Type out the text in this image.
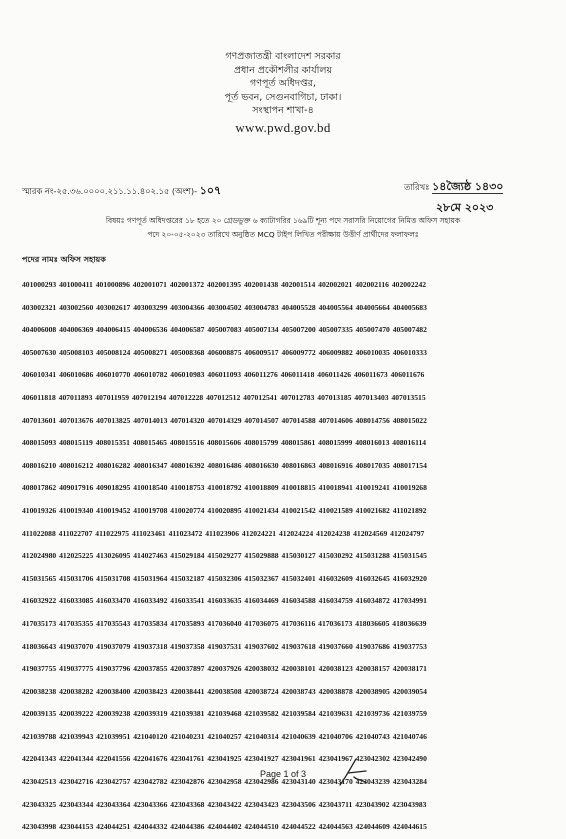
গণপ্রজাতন্ত্রী বাংলাদেশ সরকার
প্রধান প্রকৌশলীর কার্যালয়
গণপূর্ত অধিদপ্তর,
পূর্ত ভবন, সেগুনবাগিচা, ঢাকা।
সংস্থাপন শাখা-৪
www.pwd.gov.bd
স্মারক নং-২৫.৩৬.০০০০.২১১.১১.৪০২.১৫ (অংশ)- ১০৭	তারিখঃ ১৪জ্যৈষ্ঠ ১৪৩০
২৮মে ২০২৩
বিষয়ঃ গণপূর্ত অধিদপ্তরের ১৮ হতে ২০ গ্রেডভুক্ত ৬ ক্যাটাগরির ১৬৯টি শূন্য পদে সরাসরি নিয়োগের নিমিত্ত অফিস সহায়ক
পদে ২০-০৫-২০২৩ তারিখে অনুষ্ঠিত MCQ টাইপ লিখিত পরীক্ষায় উত্তীর্ণ প্রার্থীদের ফলাফলঃ
পদের নামঃ অফিস সহায়ক
401000293 401000411 401000896 402001071 402001372 402001395 402001438 402001514 402002021 402002116 402002242
403002321 403002560 403002617 403003299 403004366 403004502 403004783 404005528 404005564 404005664 404005683
404006008 404006369 404006415 404006536 404006587 405007083 405007134 405007200 405007335 405007470 405007482
405007630 405008103 405008124 405008271 405008368 406008875 406009517 406009772 406009882 406010035 406010333
406010341 406010686 406010770 406010782 406010983 406011093 406011276 406011418 406011426 406011673 406011676
406011818 407011893 407011959 407012194 407012228 407012512 407012541 407012783 407013185 407013403 407013515
407013601 407013676 407013825 407014013 407014320 407014329 407014507 407014588 407014606 408014756 408015022
408015093 408015119 408015351 408015465 408015516 408015606 408015799 408015861 408015999 408016013 408016114
408016210 408016212 408016282 408016347 408016392 408016486 408016630 408016863 408016916 408017035 408017154
408017862 409017916 409018295 410018540 410018753 410018792 410018809 410018815 410018941 410019241 410019268
410019326 410019340 410019452 410019708 410020774 410020895 410021434 410021542 410021589 410021682 411021892
411022088 411022707 411022975 411023461 411023472 411023906 412024221 412024224 412024238 412024569 412024797
412024980 412025225 413026095 414027463 415029184 415029277 415029888 415030127 415030292 415031288 415031545
415031565 415031706 415031708 415031964 415032187 415032306 415032367 415032401 416032609 416032645 416032920
416032922 416033085 416033470 416033492 416033541 416033635 416034469 416034588 416034759 416034872 417034991
417035173 417035355 417035543 417035834 417035893 417036040 417036075 417036116 417036173 418036605 418036639
418036643 419037070 419037079 419037318 419037358 419037531 419037602 419037618 419037660 419037686 419037753
419037755 419037775 419037796 420037855 420037897 420037926 420038032 420038101 420038123 420038157 420038171
420038238 420038282 420038400 420038423 420038441 420038508 420038724 420038743 420038878 420038905 420039054
420039135 420039222 420039238 420039319 421039381 421039468 421039582 421039584 421039631 421039736 421039759
421039788 421039943 421039951 421040120 421040231 421040257 421040314 421040639 421040706 421040743 421040746
422041343 422041344 422041556 422041676 423041761 423041925 423041927 423041961 423041967 423042302 423042490
423042513 423042716 423042757 423042782 423042876 423042958 423042986 423043140 423043170 423043239 423043284
423043325 423043344 423043364 423043366 423043368 423043422 423043423 423043506 423043711 423043902 423043983
423043998 423044153 424044251 424044332 424044386 424044402 424044510 424044522 424044563 424044609 424044615
Page 1 of 3
